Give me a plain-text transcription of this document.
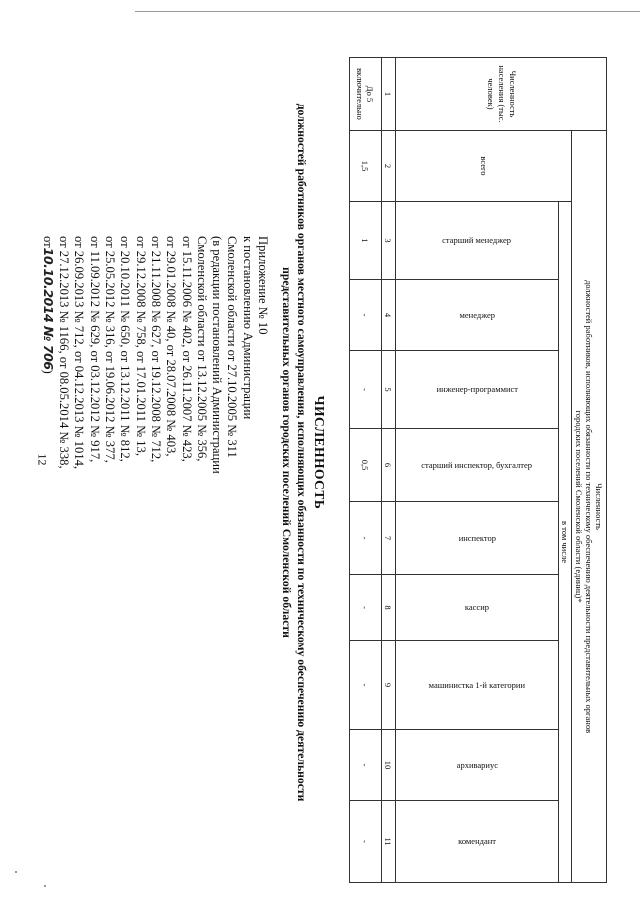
12
Приложение № 10
к постановлению Администрации
Смоленской области от 27.10.2005 № 311
(в редакции постановлений Администрации
Смоленской области от 13.12.2005 № 356,
от 15.11.2006 № 402, от 26.11.2007 № 423,
от 29.01.2008 № 40, от 28.07.2008 № 403,
от 21.11.2008 № 627, от 19.12.2008 № 712,
от 29.12.2008 № 758, от 17.01.2011 № 13,
от 20.10.2011 № 650, от 13.12.2011 № 812,
от 25.05.2012 № 316, от 19.06.2012 № 377,
от 11.09.2012 № 629, от 03.12.2012 № 917,
от 26.09.2013 № 712, от 04.12.2013 № 1014,
от 27.12.2013 № 1166, от 08.05.2014 № 338,
от10.10.2014 № 706)
ЧИСЛЕННОСТЬ
должностей работников органов местного самоуправления, исполняющих обязанности по техническому обеспечению деятельности
представительных органов городских поселений Смоленской области
Численность населения (тыс. человек)	Численность
должностей работников, исполняющих обязанности по техническому обеспечению деятельности представительных органов
городских поселений Смоленской области (единиц)*									

	всего	в том числе								

		старший менеджер	менеджер	инженер-программист	старший инспектор, бухгалтер	инспектор	кассир	машинистка 1-й категории	архивариус	комендант

1	2	3	4	5	6	7	8	9	10	11
До 5 включительно	1,5	1	-	-	0,5	-	-	-	-	-
